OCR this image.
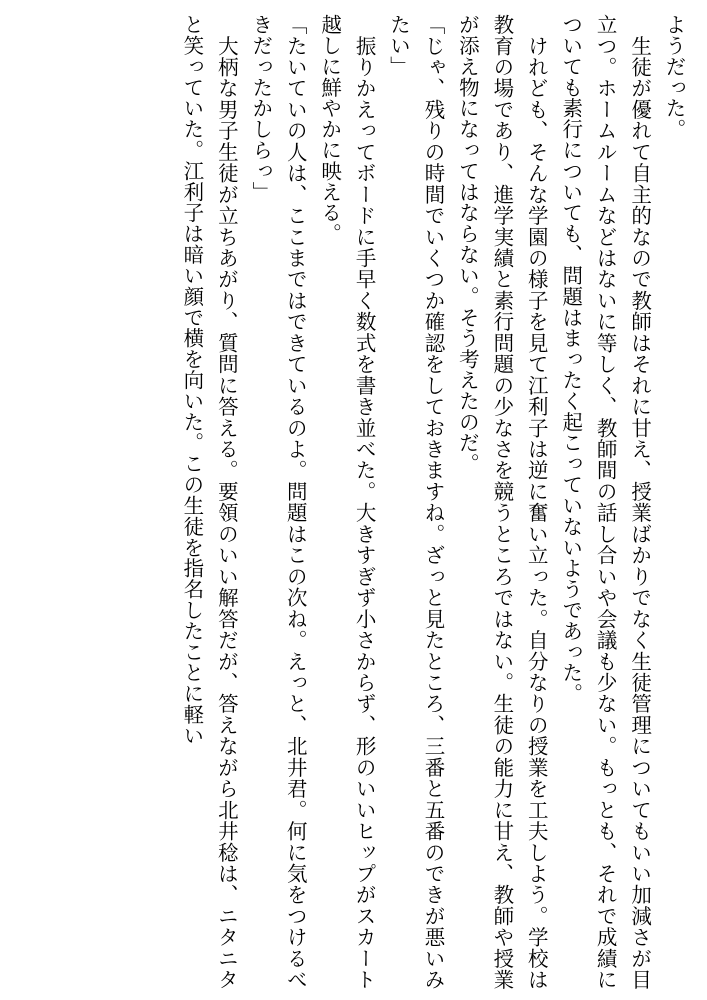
ようだった。

　生徒が優れて自主的なので教師はそれに甘え、授業ばかりでなく生徒管理についてもいい加減さが目立つ。ホームルームなどはないに等しく、教師間の話し合いや会議も少ない。もっとも、それで成績についても素行についても、問題はまったく起こっていないようであった。

　けれども、そんな学園の様子を見て江利子は逆に奮い立った。自分なりの授業を工夫しよう。学校は教育の場であり、進学実績と素行問題の少なさを競うところではない。生徒の能力に甘え、教師や授業が添え物になってはならない。そう考えたのだ。

「じゃ、残りの時間でいくつか確認をしておきますね。ざっと見たところ、三番と五番のできが悪いみたい」

　振りかえってボードに手早く数式を書き並べた。大きすぎず小さからず、形のいいヒップがスカート越しに鮮やかに映える。

「たいていの人は、ここまではできているのよ。問題はこの次ね。えっと、北井君。何に気をつけるべきだったかしらっ」

　大柄な男子生徒が立ちあがり、質問に答える。要領のいい解答だが、答えながら北井稔は、ニタニタと笑っていた。江利子は暗い顔で横を向いた。この生徒を指名したことに軽い
